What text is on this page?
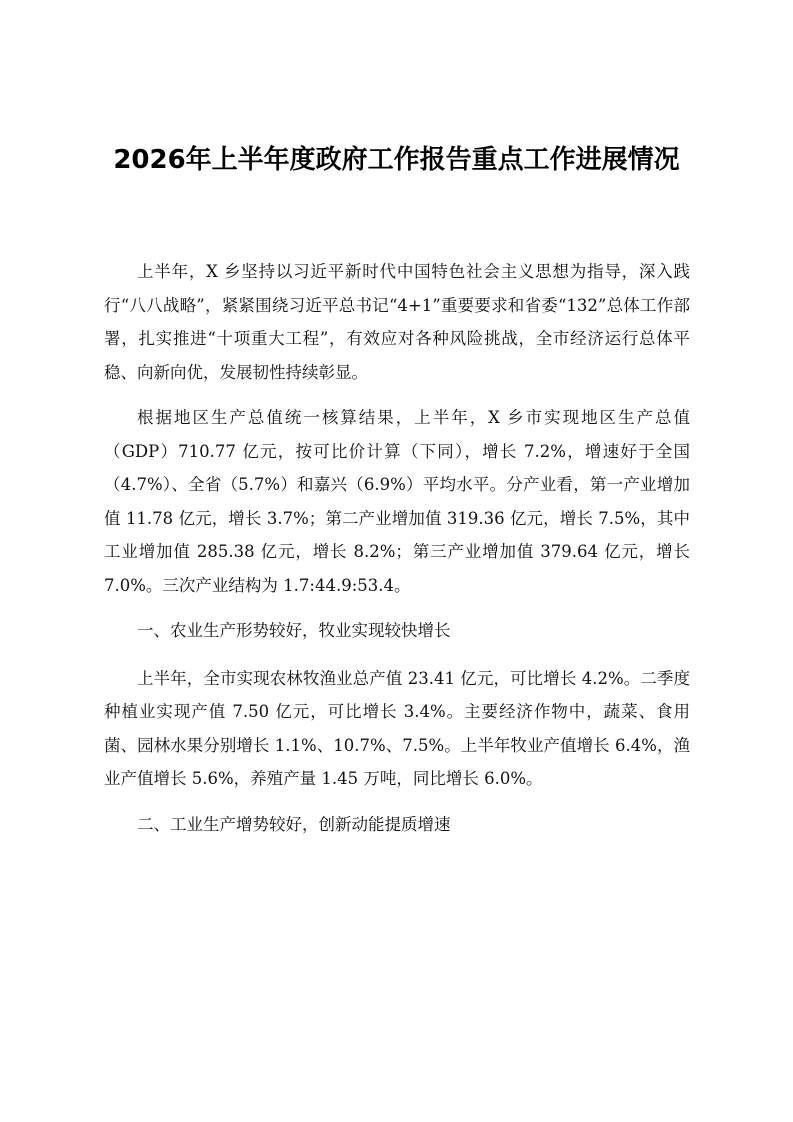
2026年上半年度政府工作报告重点工作进展情况

上半年，X 乡坚持以习近平新时代中国特色社会主义思想为指导，深入践行“八八战略”，紧紧围绕习近平总书记“4+1”重要要求和省委“132”总体工作部署，扎实推进“十项重大工程”，有效应对各种风险挑战，全市经济运行总体平稳、向新向优，发展韧性持续彰显。

根据地区生产总值统一核算结果，上半年，X 乡市实现地区生产总值（GDP）710.77 亿元，按可比价计算（下同），增长 7.2%，增速好于全国（4.7%）、全省（5.7%）和嘉兴（6.9%）平均水平。分产业看，第一产业增加值 11.78 亿元，增长 3.7%；第二产业增加值 319.36 亿元，增长 7.5%，其中工业增加值 285.38 亿元，增长 8.2%；第三产业增加值 379.64 亿元，增长 7.0%。三次产业结构为 1.7:44.9:53.4。

一、农业生产形势较好，牧业实现较快增长

上半年，全市实现农林牧渔业总产值 23.41 亿元，可比增长 4.2%。二季度种植业实现产值 7.50 亿元，可比增长 3.4%。主要经济作物中，蔬菜、食用菌、园林水果分别增长 1.1%、10.7%、7.5%。上半年牧业产值增长 6.4%，渔业产值增长 5.6%，养殖产量 1.45 万吨，同比增长 6.0%。

二、工业生产增势较好，创新动能提质增速
